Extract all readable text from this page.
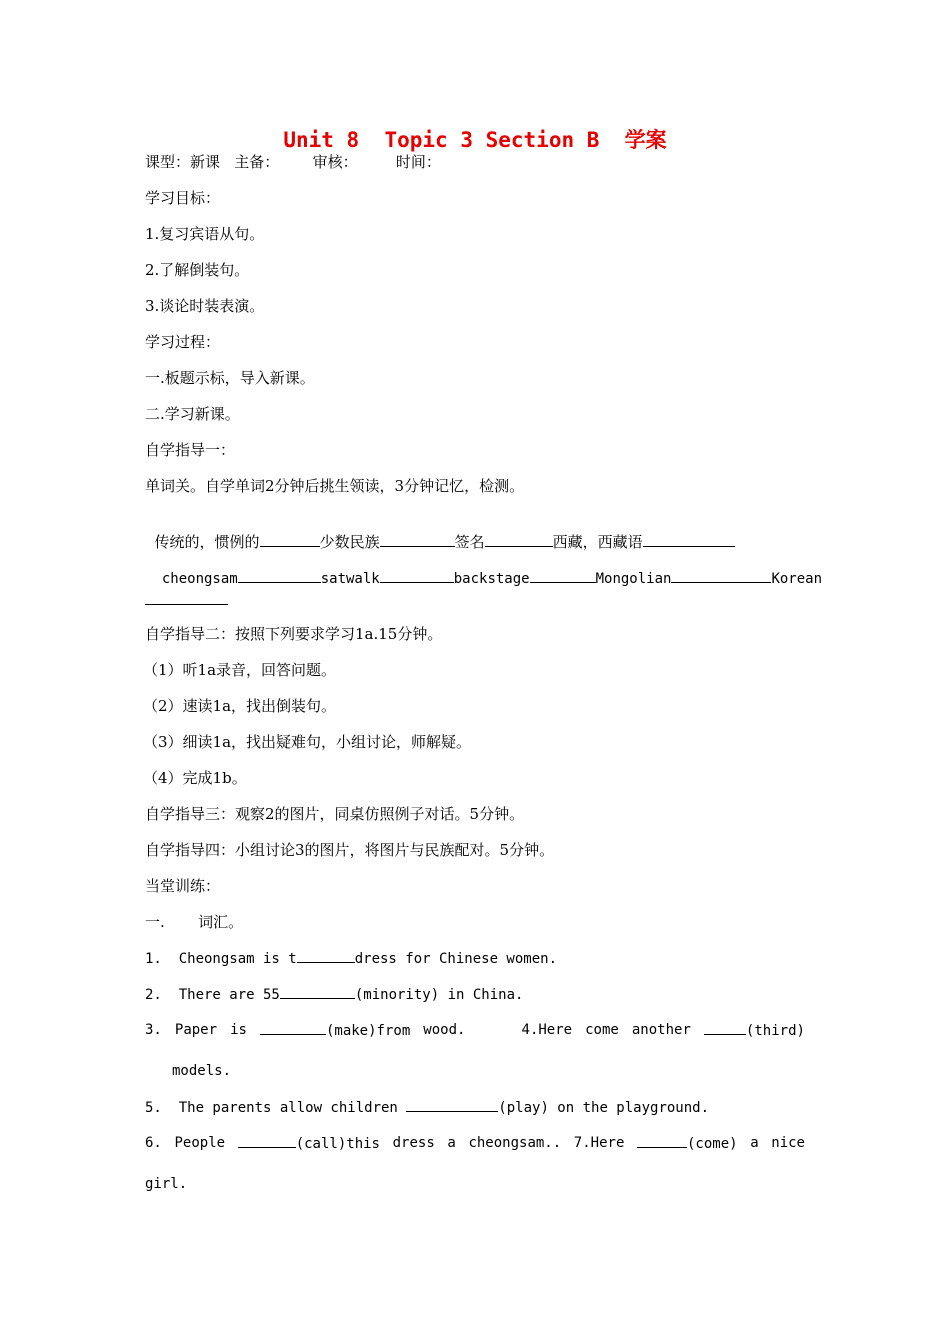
Unit 8  Topic 3 Section B  学案
课型：新课   主备：       审核：        时间：
学习目标：
1.复习宾语从句。
2.了解倒装句。
3.谈论时装表演。
学习过程：
一.板题示标，导入新课。
二.学习新课。
自学指导一：
单词关。自学单词2分钟后挑生领读，3分钟记忆，检测。

传统的，惯例的	少数民族	签名	西藏，西藏语

cheongsam	satwalk	backstage	Mongolian	Korean

自学指导二：按照下列要求学习1a.15分钟。
（1）听1a录音，回答问题。
（2）速读1a，找出倒装句。
（3）细读1a，找出疑难句，小组讨论，师解疑。
（4）完成1b。
自学指导三：观察2的图片，同桌仿照例子对话。5分钟。
自学指导四：小组讨论3的图片，将图片与民族配对。5分钟。
当堂训练：
一.       词汇。
1.  Cheongsam is t	dress for Chinese women.
2.  There are 55	(minority) in China.
3. Paper is	(make)from wood.	4.Here come another	(third)
models.
5.  The parents allow children	(play) on the playground.
6. People	(call)this dress a cheongsam.. 7.Here	(come) a nice
girl.
